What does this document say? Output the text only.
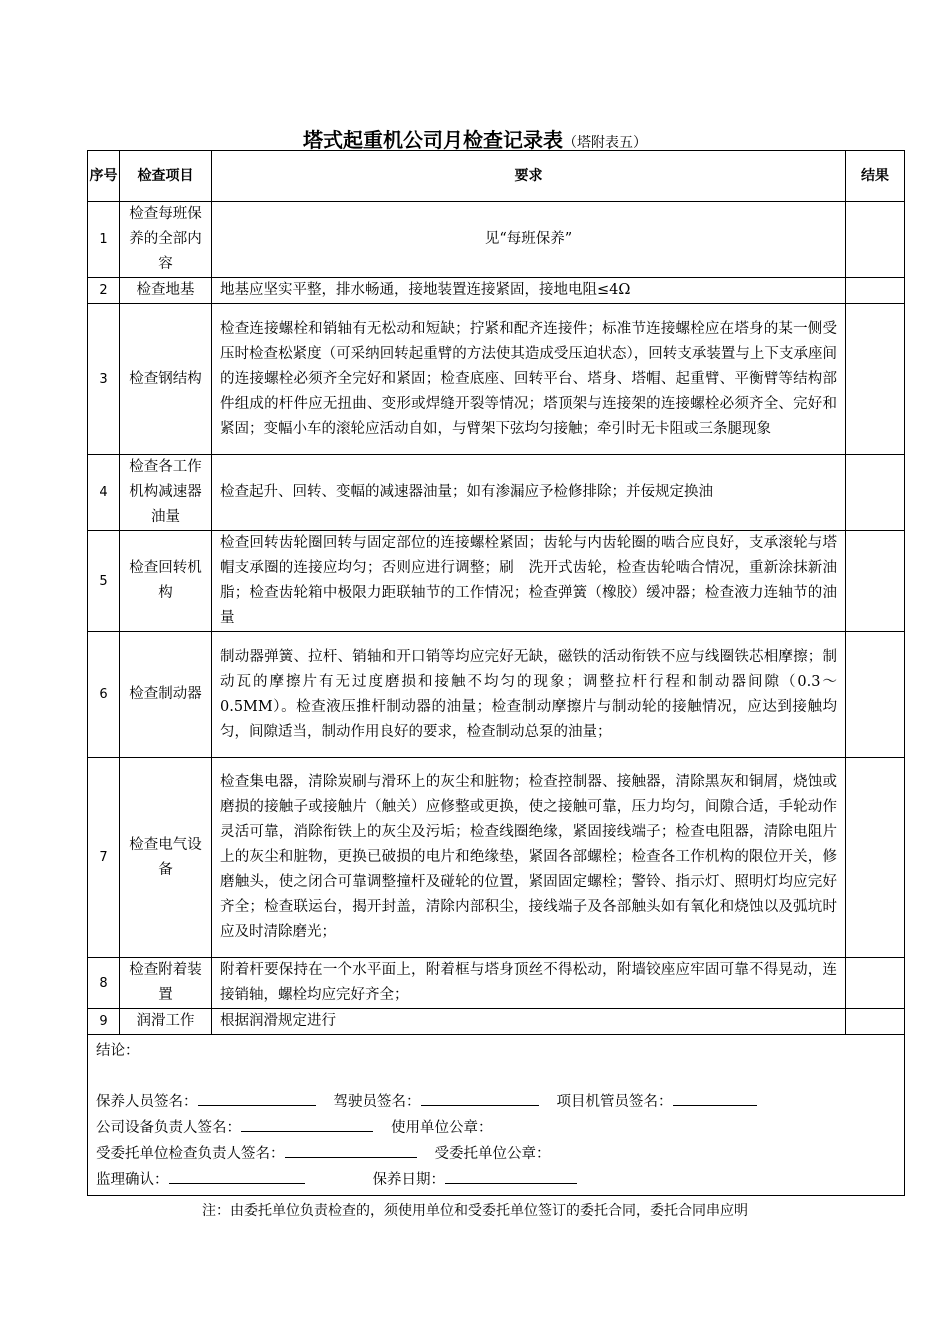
塔式起重机公司月检查记录表（塔附表五）
序号	检查项目	要求	结果
1	检查每班保养的全部内容	见“每班保养”	
2	检查地基	地基应坚实平整，排水畅通，接地装置连接紧固，接地电阻≤4Ω	
3	检查钢结构	检查连接螺栓和销轴有无松动和短缺；拧紧和配齐连接件；标准节连接螺栓应在塔身的某一侧受压时检查松紧度（可采纳回转起重臂的方法使其造成受压迫状态），回转支承装置与上下支承座间的连接螺栓必须齐全完好和紧固；检查底座、回转平台、塔身、塔帽、起重臂、平衡臂等结构部件组成的杆件应无扭曲、变形或焊缝开裂等情况；塔顶架与连接架的连接螺栓必须齐全、完好和紧固；变幅小车的滚轮应活动自如，与臂架下弦均匀接触；牵引时无卡阻或三条腿现象	
4	检查各工作机构减速器油量	检查起升、回转、变幅的减速器油量；如有渗漏应予检修排除；并佞规定换油	
5	检查回转机构	检查回转齿轮圈回转与固定部位的连接螺栓紧固；齿轮与内齿轮圈的啮合应良好，支承滚轮与塔帽支承圈的连接应均匀；否则应进行调整；刷　洗开式齿轮，检查齿轮啮合情况，重新涂抹新油脂；检查齿轮箱中极限力距联轴节的工作情况；检查弹簧（橡胶）缓冲器；检查液力连轴节的油量	
6	检查制动器	制动器弹簧、拉杆、销轴和开口销等均应完好无缺，磁铁的活动衔铁不应与线圈铁芯相摩擦；制动瓦的摩擦片有无过度磨损和接触不均匀的现象；调整拉杆行程和制动器间隙（0.3～0.5MM）。检查液压推杆制动器的油量；检查制动摩擦片与制动轮的接触情况，应达到接触均匀，间隙适当，制动作用良好的要求，检查制动总泵的油量；	
7	检查电气设备	检查集电器，清除炭刷与滑环上的灰尘和脏物；检查控制器、接触器，清除黑灰和铜屑，烧蚀或磨损的接触子或接触片（触关）应修整或更换，使之接触可靠，压力均匀，间隙合适，手轮动作灵活可靠，消除衔铁上的灰尘及污垢；检查线圈绝缘，紧固接线端子；检查电阻器，清除电阻片上的灰尘和脏物，更换已破损的电片和绝缘垫，紧固各部螺栓；检查各工作机构的限位开关，修磨触头，使之闭合可靠调整撞杆及碰轮的位置，紧固固定螺栓；警铃、指示灯、照明灯均应完好齐全；检查联运台，揭开封盖，清除内部积尘，接线端子及各部触头如有氧化和烧蚀以及弧坑时应及时清除磨光；	
8	检查附着装置	附着杆要保持在一个水平面上，附着框与塔身顶丝不得松动，附墙铰座应牢固可靠不得晃动，连接销轴，螺栓均应完好齐全；	
9	润滑工作	根据润滑规定进行	

结论：
保养人员签名： 驾驶员签名： 项目机管员签名：
公司设备负责人签名： 使用单位公章：
受委托单位检查负责人签名： 受委托单位公章：
监理确认： 保养日期：			
注：由委托单位负责检查的，须使用单位和受委托单位签订的委托合同，委托合同串应明
